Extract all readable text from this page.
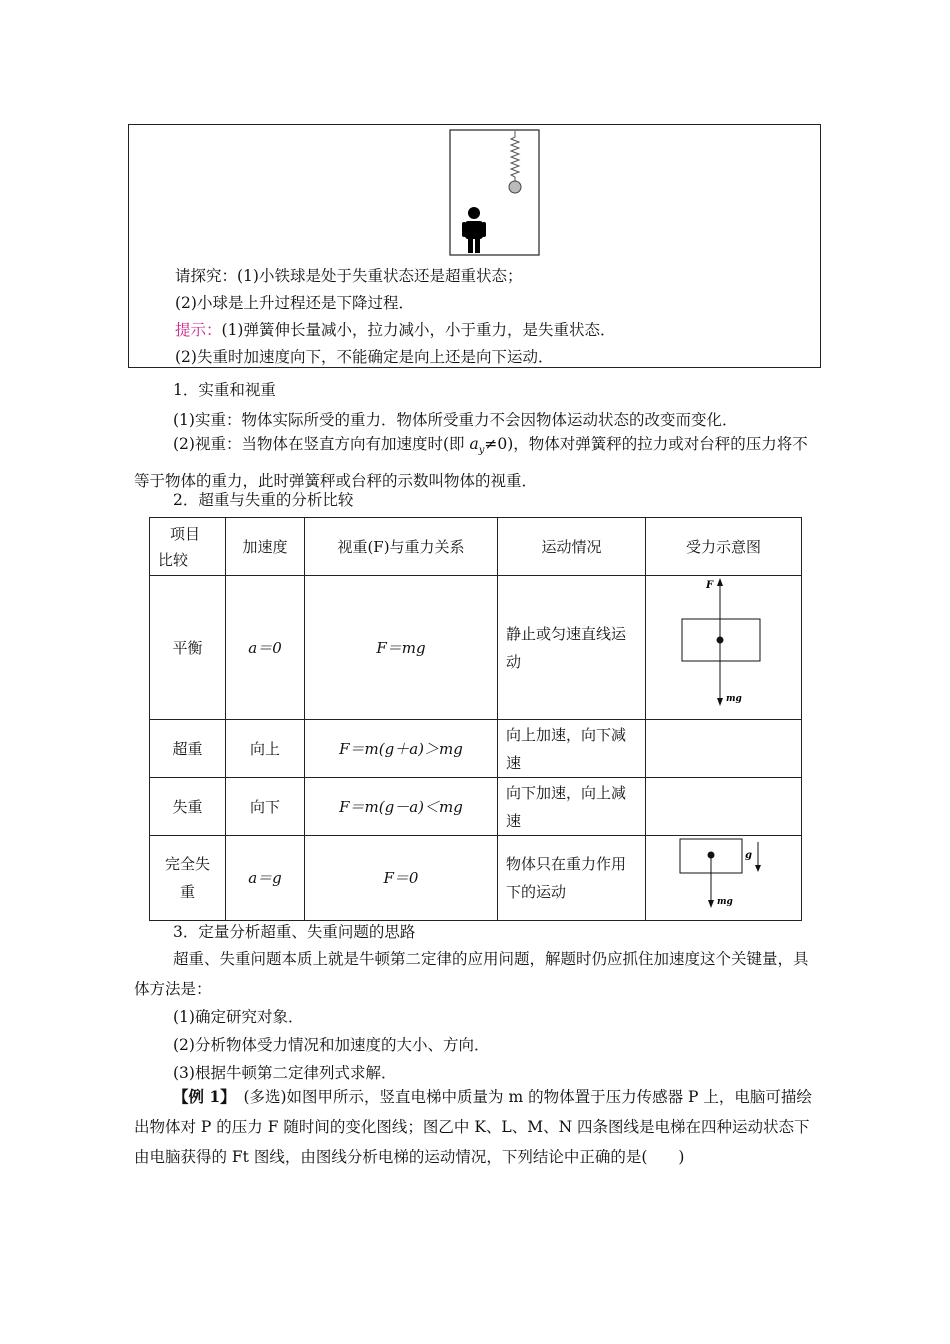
请探究：(1)小铁球是处于失重状态还是超重状态；
(2)小球是上升过程还是下降过程．
提示：(1)弹簧伸长量减小，拉力减小，小于重力，是失重状态．
(2)失重时加速度向下，不能确定是向上还是向下运动．
1．实重和视重
(1)实重：物体实际所受的重力．物体所受重力不会因物体运动状态的改变而变化．
(2)视重：当物体在竖直方向有加速度时(即 $a_y\ne 0$)，物体对弹簧秤的拉力或对台秤的压力将不等于物体的重力，此时弹簧秤或台秤的示数叫物体的视重．
2．超重与失重的分析比较
项目
比较	加速度	视重(F)与重力关系	运动情况	受力示意图
平衡	a＝0	F＝mg	静止或匀速直线运动	F
mg

超重	向上	F＝m(g＋a)＞mg	向上加速，向下减速	
失重	向下	F＝m(g－a)＜mg	向下加速，向上减速	
完全失重	a＝g	F＝0	物体只在重力作用下的运动	mg
g
3．定量分析超重、失重问题的思路
超重、失重问题本质上就是牛顿第二定律的应用问题，解题时仍应抓住加速度这个关键量，具体方法是：
(1)确定研究对象．
(2)分析物体受力情况和加速度的大小、方向．
(3)根据牛顿第二定律列式求解．
【例 1】　(多选)如图甲所示，竖直电梯中质量为 m 的物体置于压力传感器 P 上，电脑可描绘出物体对 P 的压力 F 随时间的变化图线；图乙中 K、L、M、N 四条图线是电梯在四种运动状态下由电脑获得的 Ft 图线，由图线分析电梯的运动情况，下列结论中正确的是(　　)
